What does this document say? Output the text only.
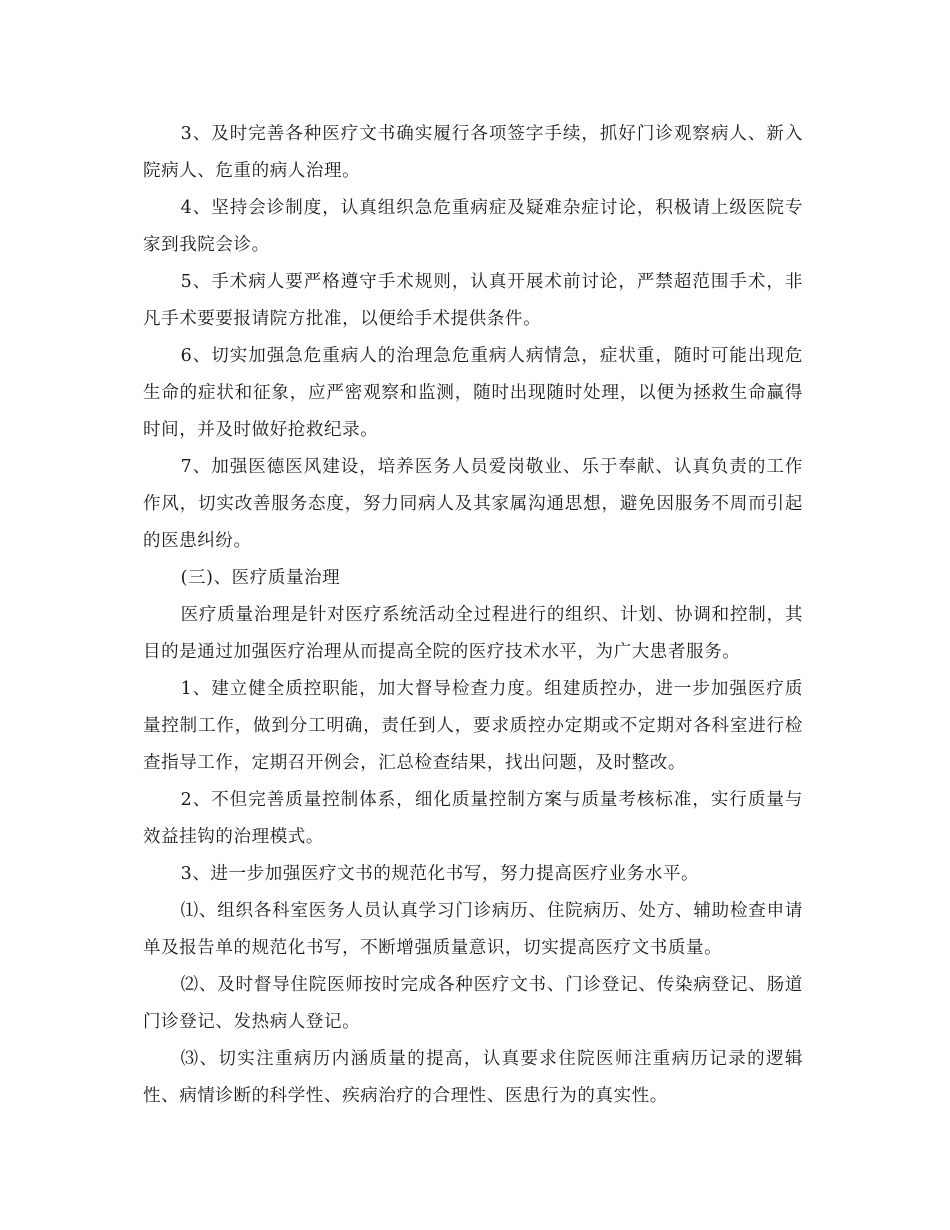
3、及时完善各种医疗文书确实履行各项签字手续，抓好门诊观察病人、新入院病人、危重的病人治理。

4、坚持会诊制度，认真组织急危重病症及疑难杂症讨论，积极请上级医院专家到我院会诊。

5、手术病人要严格遵守手术规则，认真开展术前讨论，严禁超范围手术，非凡手术要要报请院方批准，以便给手术提供条件。

6、切实加强急危重病人的治理急危重病人病情急，症状重，随时可能出现危生命的症状和征象，应严密观察和监测，随时出现随时处理，以便为拯救生命赢得时间，并及时做好抢救纪录。

7、加强医德医风建设，培养医务人员爱岗敬业、乐于奉献、认真负责的工作作风，切实改善服务态度，努力同病人及其家属沟通思想，避免因服务不周而引起的医患纠纷。

(三)、医疗质量治理

医疗质量治理是针对医疗系统活动全过程进行的组织、计划、协调和控制，其目的是通过加强医疗治理从而提高全院的医疗技术水平，为广大患者服务。

1、建立健全质控职能，加大督导检查力度。组建质控办，进一步加强医疗质量控制工作，做到分工明确，责任到人，要求质控办定期或不定期对各科室进行检查指导工作，定期召开例会，汇总检查结果，找出问题，及时整改。

2、不但完善质量控制体系，细化质量控制方案与质量考核标准，实行质量与效益挂钩的治理模式。

3、进一步加强医疗文书的规范化书写，努力提高医疗业务水平。

⑴、组织各科室医务人员认真学习门诊病历、住院病历、处方、辅助检查申请单及报告单的规范化书写，不断增强质量意识，切实提高医疗文书质量。

⑵、及时督导住院医师按时完成各种医疗文书、门诊登记、传染病登记、肠道门诊登记、发热病人登记。

⑶、切实注重病历内涵质量的提高，认真要求住院医师注重病历记录的逻辑性、病情诊断的科学性、疾病治疗的合理性、医患行为的真实性。
